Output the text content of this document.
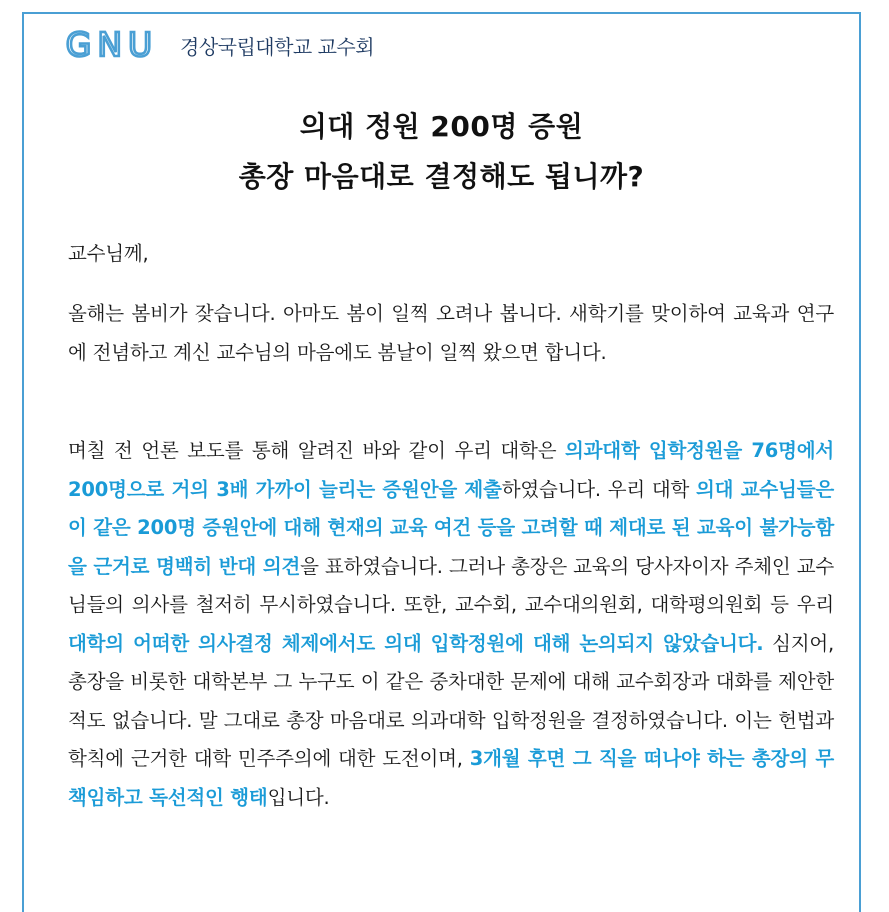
GNU 경상국립대학교 교수회
의대 정원 200명 증원
총장 마음대로 결정해도 됩니까?
교수님께,
올해는 봄비가 잦습니다. 아마도 봄이 일찍 오려나 봅니다. 새학기를 맞이하여 교육과 연구에 전념하고 계신 교수님의 마음에도 봄날이 일찍 왔으면 합니다.
며칠 전 언론 보도를 통해 알려진 바와 같이 우리 대학은 의과대학 입학정원을 76명에서 200명으로 거의 3배 가까이 늘리는 증원안을 제출하였습니다. 우리 대학 의대 교수님들은 이 같은 200명 증원안에 대해 현재의 교육 여건 등을 고려할 때 제대로 된 교육이 불가능함을 근거로 명백히 반대 의견을 표하였습니다. 그러나 총장은 교육의 당사자이자 주체인 교수님들의 의사를 철저히 무시하였습니다. 또한, 교수회, 교수대의원회, 대학평의원회 등 우리 대학의 어떠한 의사결정 체제에서도 의대 입학정원에 대해 논의되지 않았습니다. 심지어, 총장을 비롯한 대학본부 그 누구도 이 같은 중차대한 문제에 대해 교수회장과 대화를 제안한 적도 없습니다. 말 그대로 총장 마음대로 의과대학 입학정원을 결정하였습니다. 이는 헌법과 학칙에 근거한 대학 민주주의에 대한 도전이며, 3개월 후면 그 직을 떠나야 하는 총장의 무책임하고 독선적인 행태입니다.
